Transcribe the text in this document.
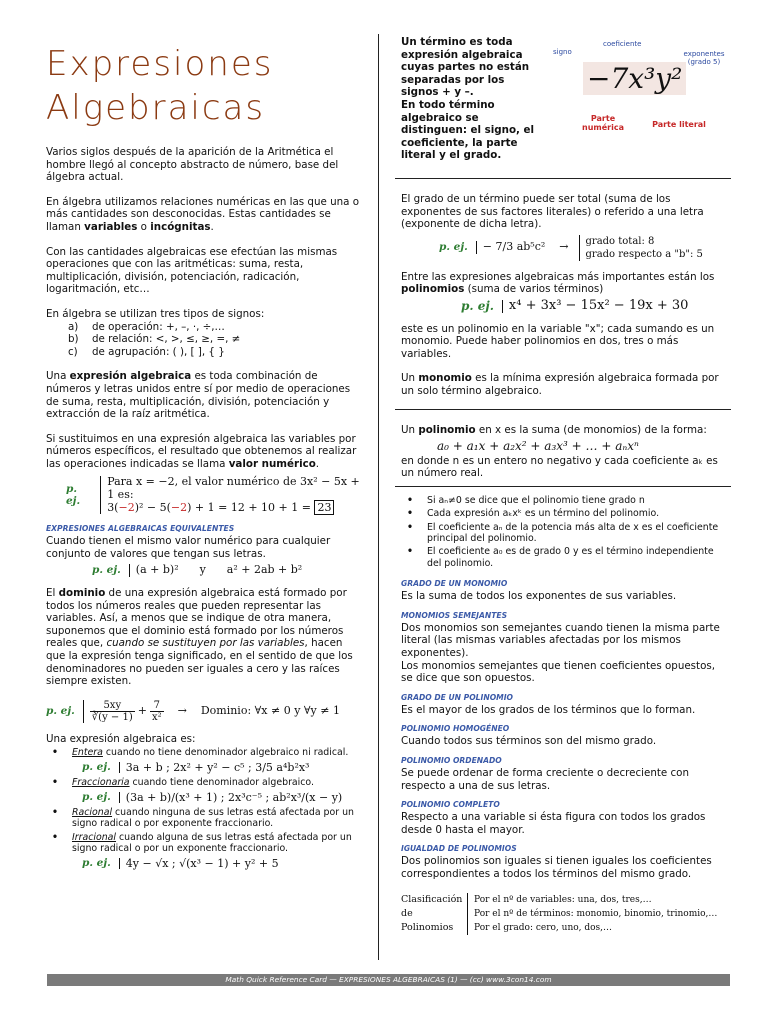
Expresiones
Algebraicas

Varios siglos después de la aparición de la Aritmética el hombre llegó al concepto abstracto de número, base del álgebra actual.

En álgebra utilizamos relaciones numéricas en las que una o más cantidades son desconocidas. Estas cantidades se llaman variables o incógnitas.

Con las cantidades algebraicas ese efectúan las mismas operaciones que con las aritméticas: suma, resta, multiplicación, división, potenciación, radicación, logaritmación, etc…

En álgebra se utilizan tres tipos de signos:
a) de operación: +, –, ·, ÷,…
b) de relación: <, >, ≤, ≥, =, ≠
c) de agrupación: ( ), [ ], { }

Una expresión algebraica es toda combinación de números y letras unidos entre sí por medio de operaciones de suma, resta, multiplicación, división, potenciación y extracción de la raíz aritmética.

Si sustituimos en una expresión algebraica las variables por números específicos, el resultado que obtenemos al realizar las operaciones indicadas se llama valor numérico.

p. ej.
Para x = −2, el valor numérico de 3x² − 5x + 1 es:
3(−2)² − 5(−2) + 1 = 12 + 10 + 1 = 23
EXPRESIONES ALGEBRAICAS EQUIVALENTES
Cuando tienen el mismo valor numérico para cualquier conjunto de valores que tengan sus letras.
p. ej.	(a + b)²      y      a² + 2ab + b²

El dominio de una expresión algebraica está formado por todos los números reales que pueden representar las variables. Así, a menos que se indique de otra manera, suponemos que el dominio está formado por los números reales que, cuando se sustituyen por las variables, hacen que la expresión tenga significado, en el sentido de que los denominadores no pueden ser iguales a cero y las raíces siempre existen.

p. ej. $\frac{5xy}{∛(y - 1)} + \frac{7}{\text{x²}}$ → Dominio: ∀x ≠ 0 y ∀y ≠ 1
Una expresión algebraica es:
• Entera cuando no tiene denominador algebraico ni radical.
p. ej.	3a + b ; 2x² + y² − c⁵ ; 3/5 a⁴b²x³
• Fraccionaria cuando tiene denominador algebraico.
p. ej.	(3a + b)/(x³ + 1) ; 2x³c⁻⁵ ; ab²x³/(x − y)
• Racional cuando ninguna de sus letras está afectada por un signo radical o por exponente fraccionario.
• Irracional cuando alguna de sus letras está afectada por un signo radical o por un exponente fraccionario.
p. ej.	4y − √x ; √(x³ − 1) + y² + 5
Un término es toda expresión algebraica cuyas partes no están separadas por los signos + y –.
En todo término algebraico se distinguen: el signo, el coeficiente, la parte literal y el grado.

El grado de un término puede ser total (suma de los exponentes de sus factores literales) o referido a una letra (exponente de dicha letra).

p. ej.	− 7/3 ab⁵c² → grado total: 8
grado respecto a "b": 5
Entre las expresiones algebraicas más importantes están los polinomios (suma de varios términos)
p. ej.	x⁴ + 3x³ − 15x² − 19x + 30

este es un polinomio en la variable "x"; cada sumando es un monomio. Puede haber polinomios en dos, tres o más variables.

Un monomio es la mínima expresión algebraica formada por un solo término algebraico.

Un polinomio en x es la suma (de monomios) de la forma:
a₀ + a₁x + a₂x² + a₃x³ + … + aₙxⁿ

en donde n es un entero no negativo y cada coeficiente aₖ es un número real.

• Si aₙ≠0 se dice que el polinomio tiene grado n
• Cada expresión aₖxᵏ es un término del polinomio.
• El coeficiente aₙ de la potencia más alta de x es el coeficiente principal del polinomio.
• El coeficiente a₀ es de grado 0 y es el término independiente del polinomio.
GRADO DE UN MONOMIO
Es la suma de todos los exponentes de sus variables.
MONOMIOS SEMEJANTES
Dos monomios son semejantes cuando tienen la misma parte literal (las mismas variables afectadas por los mismos exponentes).
Los monomios semejantes que tienen coeficientes opuestos, se dice que son opuestos.
GRADO DE UN POLINOMIO
Es el mayor de los grados de los términos que lo forman.
POLINOMIO HOMOGÉNEO
Cuando todos sus términos son del mismo grado.
POLINOMIO ORDENADO
Se puede ordenar de forma creciente o decreciente con respecto a una de sus letras.
POLINOMIO COMPLETO
Respecto a una variable si ésta figura con todos los grados desde 0 hasta el mayor.
IGUALDAD DE POLINOMIOS
Dos polinomios son iguales si tienen iguales los coeficientes correspondientes a todos los términos del mismo grado.
Clasificación de Polinomios
Por el nº de variables: una, dos, tres,…
Por el nº de términos: monomio, binomio, trinomio,…
Por el grado: cero, uno, dos,…
signo
coeficiente
exponentes (grado 5)
−7x³y²
Parte numérica	Parte literal
Math Quick Reference Card — EXPRESIONES ALGEBRAICAS (1) — (cc) www.3con14.com
